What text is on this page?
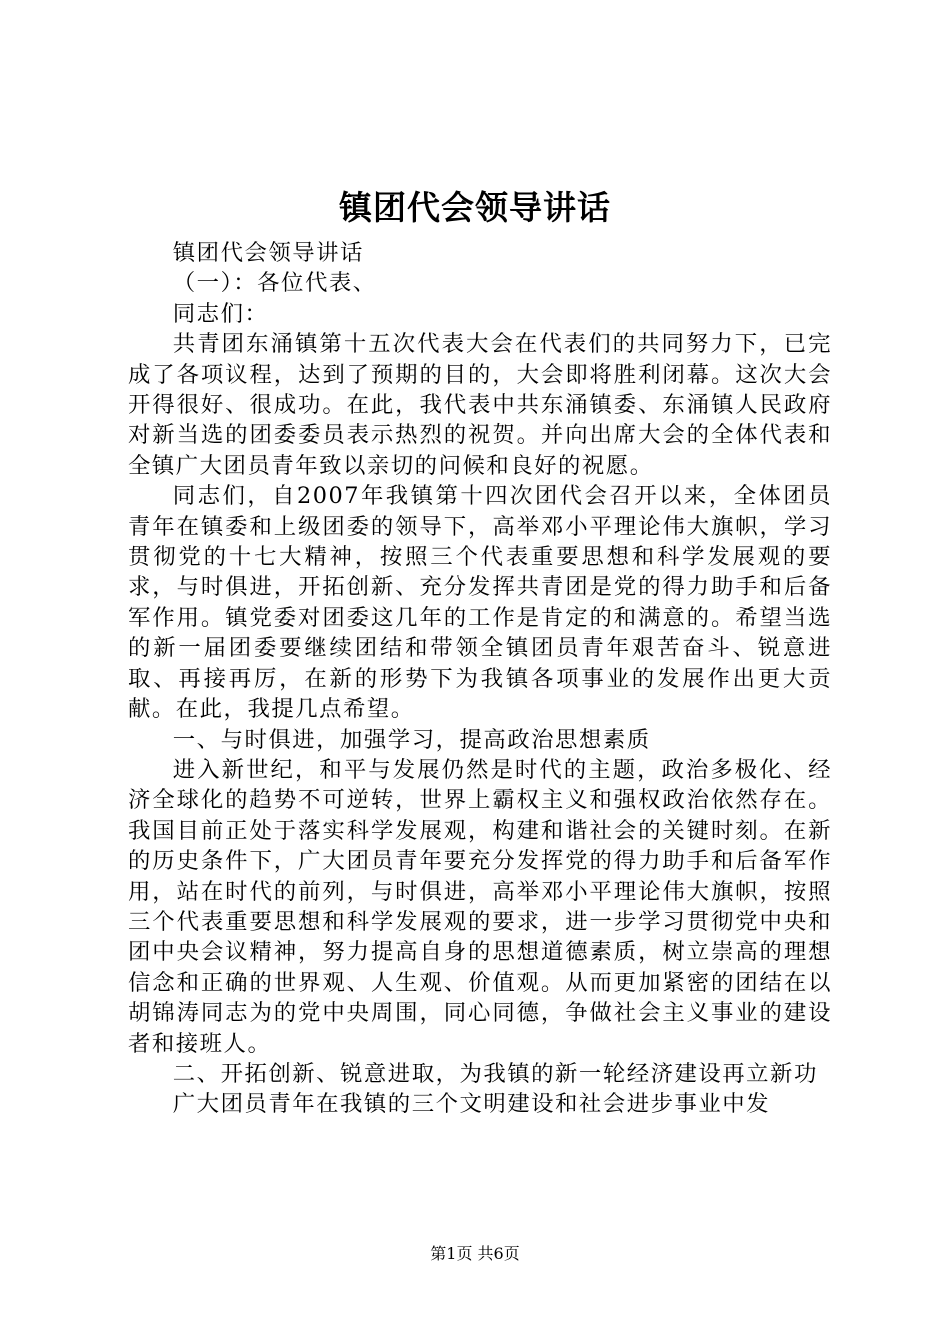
镇团代会领导讲话

镇团代会领导讲话

（一）：各位代表、

同志们：

共青团东涌镇第十五次代表大会在代表们的共同努力下，已完成了各项议程，达到了预期的目的，大会即将胜利闭幕。这次大会开得很好、很成功。在此，我代表中共东涌镇委、东涌镇人民政府对新当选的团委委员表示热烈的祝贺。并向出席大会的全体代表和全镇广大团员青年致以亲切的问候和良好的祝愿。

同志们，自2007年我镇第十四次团代会召开以来，全体团员青年在镇委和上级团委的领导下，高举邓小平理论伟大旗帜，学习贯彻党的十七大精神，按照三个代表重要思想和科学发展观的要求，与时俱进，开拓创新、充分发挥共青团是党的得力助手和后备军作用。镇党委对团委这几年的工作是肯定的和满意的。希望当选的新一届团委要继续团结和带领全镇团员青年艰苦奋斗、锐意进取、再接再厉，在新的形势下为我镇各项事业的发展作出更大贡献。在此，我提几点希望。

一、与时俱进，加强学习，提高政治思想素质

进入新世纪，和平与发展仍然是时代的主题，政治多极化、经济全球化的趋势不可逆转，世界上霸权主义和强权政治依然存在。我国目前正处于落实科学发展观，构建和谐社会的关键时刻。在新的历史条件下，广大团员青年要充分发挥党的得力助手和后备军作用，站在时代的前列，与时俱进，高举邓小平理论伟大旗帜，按照三个代表重要思想和科学发展观的要求，进一步学习贯彻党中央和团中央会议精神，努力提高自身的思想道德素质，树立崇高的理想信念和正确的世界观、人生观、价值观。从而更加紧密的团结在以胡锦涛同志为的党中央周围，同心同德，争做社会主义事业的建设者和接班人。

二、开拓创新、锐意进取，为我镇的新一轮经济建设再立新功

广大团员青年在我镇的三个文明建设和社会进步事业中发

第1页 共6页
